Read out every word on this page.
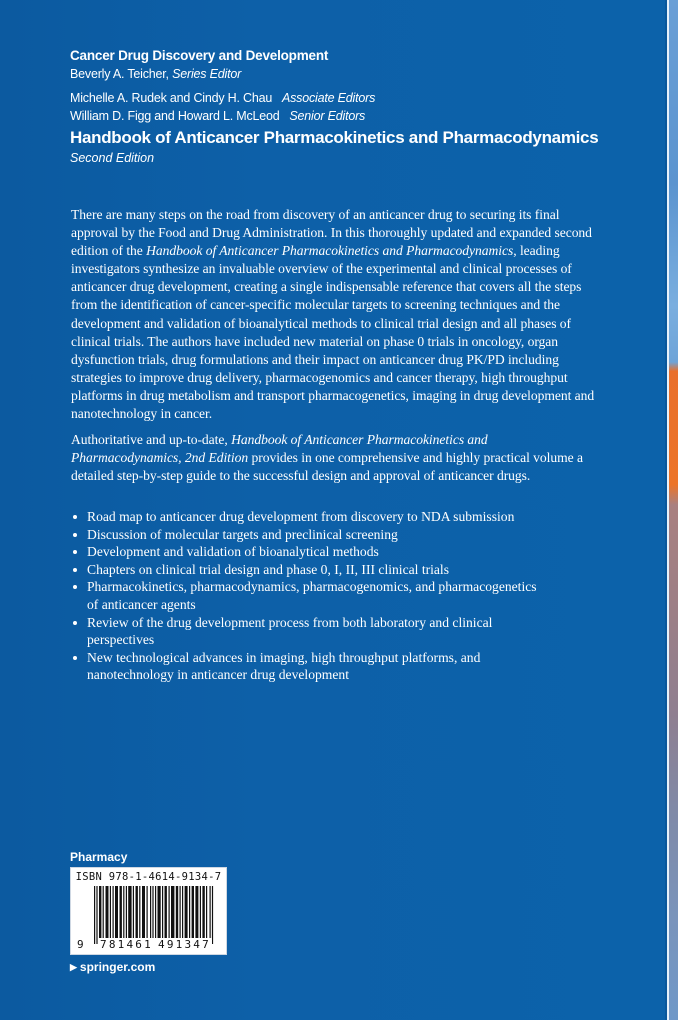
Cancer Drug Discovery and Development
Beverly A. Teicher, Series Editor
Michelle A. Rudek and Cindy H. Chau Associate Editors
William D. Figg and Howard L. McLeod Senior Editors
Handbook of Anticancer Pharmacokinetics and Pharmacodynamics
Second Edition

There are many steps on the road from discovery of an anticancer drug to securing its final approval by the Food and Drug Administration. In this thoroughly updated and expanded second edition of the Handbook of Anticancer Pharmacokinetics and Pharmacodynamics, leading investigators synthesize an invaluable overview of the experimental and clinical processes of anticancer drug development, creating a single indispensable reference that covers all the steps from the identification of cancer-specific molecular targets to screening techniques and the development and validation of bioanalytical methods to clinical trial design and all phases of clinical trials. The authors have included new material on phase 0 trials in oncology, organ dysfunction trials, drug formulations and their impact on anticancer drug PK/PD including strategies to improve drug delivery, pharmacogenomics and cancer therapy, high throughput platforms in drug metabolism and transport pharmacogenetics, imaging in drug development and nanotechnology in cancer.

Authoritative and up-to-date, Handbook of Anticancer Pharmacokinetics and Pharmacodynamics, 2nd Edition provides in one comprehensive and highly practical volume a detailed step-by-step guide to the successful design and approval of anticancer drugs.

Road map to anticancer drug development from discovery to NDA submission
Discussion of molecular targets and preclinical screening
Development and validation of bioanalytical methods
Chapters on clinical trial design and phase 0, I, II, III clinical trials
Pharmacokinetics, pharmacodynamics, pharmacogenomics, and pharmacogenetics of anticancer agents
Review of the drug development process from both laboratory and clinical perspectives
New technological advances in imaging, high throughput platforms, and nanotechnology in anticancer drug development
Pharmacy
ISBN 978-1-4614-9134-7
9 781461 491347
▶ springer.com
